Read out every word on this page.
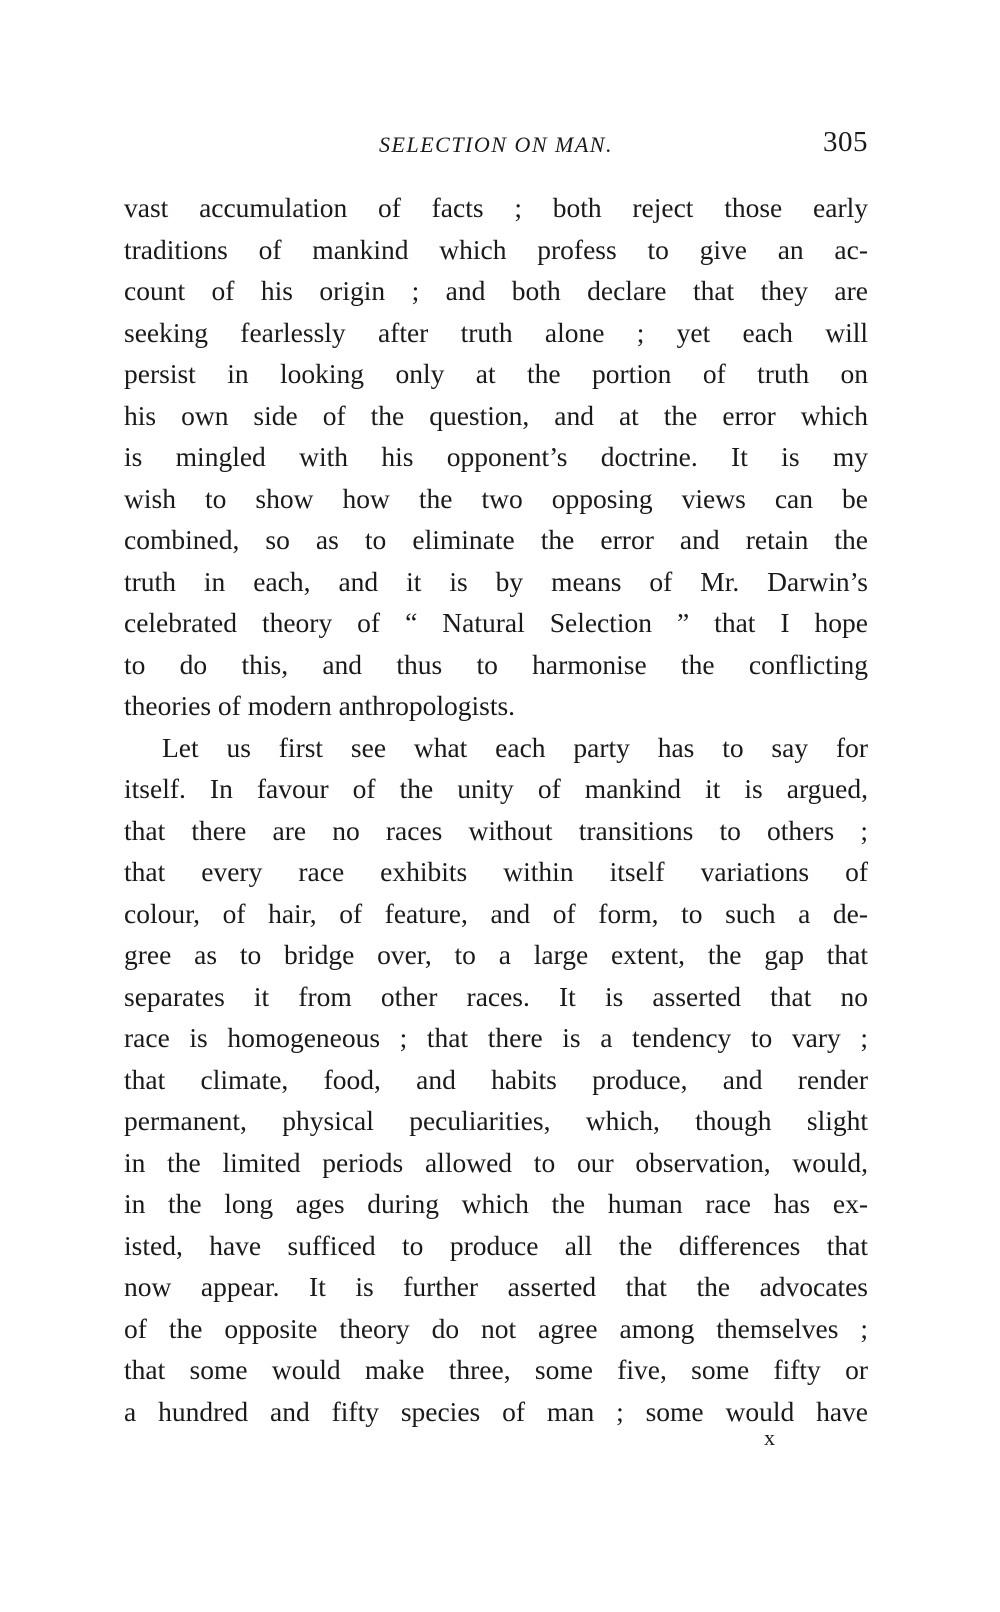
SELECTION ON MAN.	305
vast accumulation of facts ; both reject those early
traditions of mankind which profess to give an ac-
count of his origin ; and both declare that they are
seeking fearlessly after truth alone ; yet each will
persist in looking only at the portion of truth on
his own side of the question, and at the error which
is mingled with his opponent’s doctrine. It is my
wish to show how the two opposing views can be
combined, so as to eliminate the error and retain the
truth in each, and it is by means of Mr. Darwin’s
celebrated theory of “ Natural Selection ” that I hope
to do this, and thus to harmonise the conflicting
theories of modern anthropologists.
Let us first see what each party has to say for
itself. In favour of the unity of mankind it is argued,
that there are no races without transitions to others ;
that every race exhibits within itself variations of
colour, of hair, of feature, and of form, to such a de-
gree as to bridge over, to a large extent, the gap that
separates it from other races. It is asserted that no
race is homogeneous ; that there is a tendency to vary ;
that climate, food, and habits produce, and render
permanent, physical peculiarities, which, though slight
in the limited periods allowed to our observation, would,
in the long ages during which the human race has ex-
isted, have sufficed to produce all the differences that
now appear. It is further asserted that the advocates
of the opposite theory do not agree among themselves ;
that some would make three, some five, some fifty or
a hundred and fifty species of man ; some would have
x
